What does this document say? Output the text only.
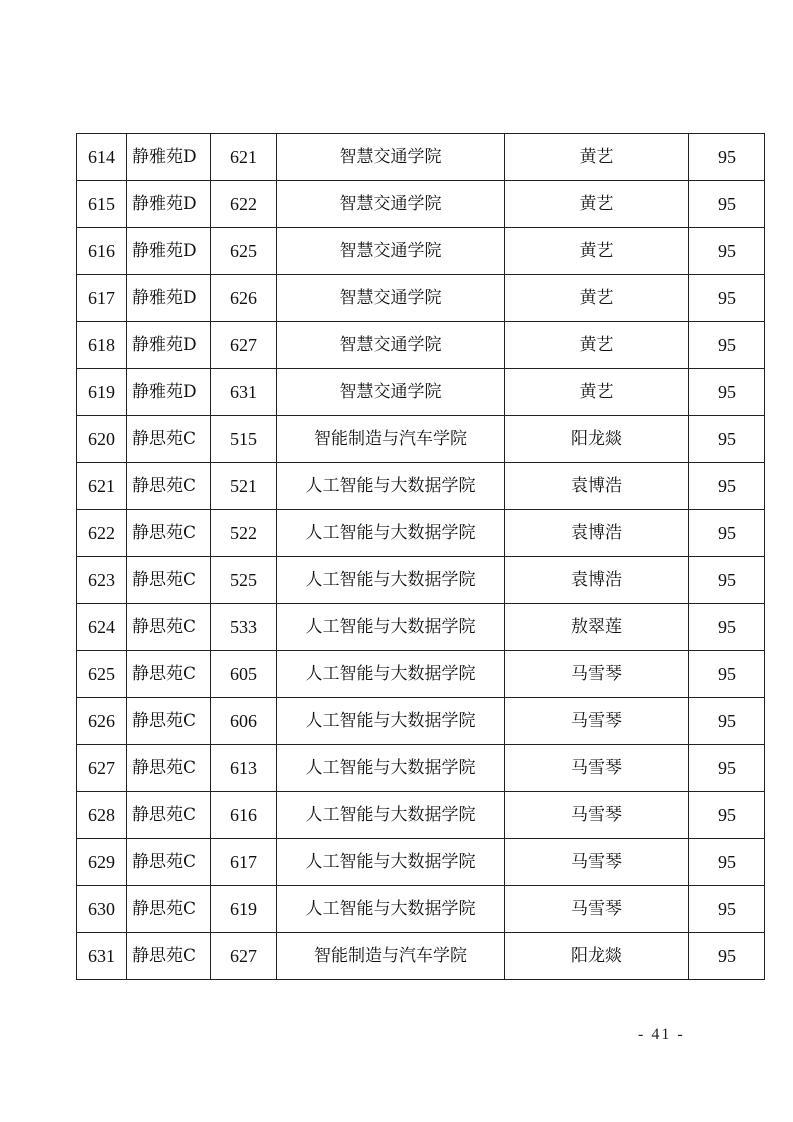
614	静雅苑D	621	智慧交通学院	黄艺	95
615	静雅苑D	622	智慧交通学院	黄艺	95
616	静雅苑D	625	智慧交通学院	黄艺	95
617	静雅苑D	626	智慧交通学院	黄艺	95
618	静雅苑D	627	智慧交通学院	黄艺	95
619	静雅苑D	631	智慧交通学院	黄艺	95
620	静思苑C	515	智能制造与汽车学院	阳龙燚	95
621	静思苑C	521	人工智能与大数据学院	袁博浩	95
622	静思苑C	522	人工智能与大数据学院	袁博浩	95
623	静思苑C	525	人工智能与大数据学院	袁博浩	95
624	静思苑C	533	人工智能与大数据学院	敖翠莲	95
625	静思苑C	605	人工智能与大数据学院	马雪琴	95
626	静思苑C	606	人工智能与大数据学院	马雪琴	95
627	静思苑C	613	人工智能与大数据学院	马雪琴	95
628	静思苑C	616	人工智能与大数据学院	马雪琴	95
629	静思苑C	617	人工智能与大数据学院	马雪琴	95
630	静思苑C	619	人工智能与大数据学院	马雪琴	95
631	静思苑C	627	智能制造与汽车学院	阳龙燚	95
- 41 -
